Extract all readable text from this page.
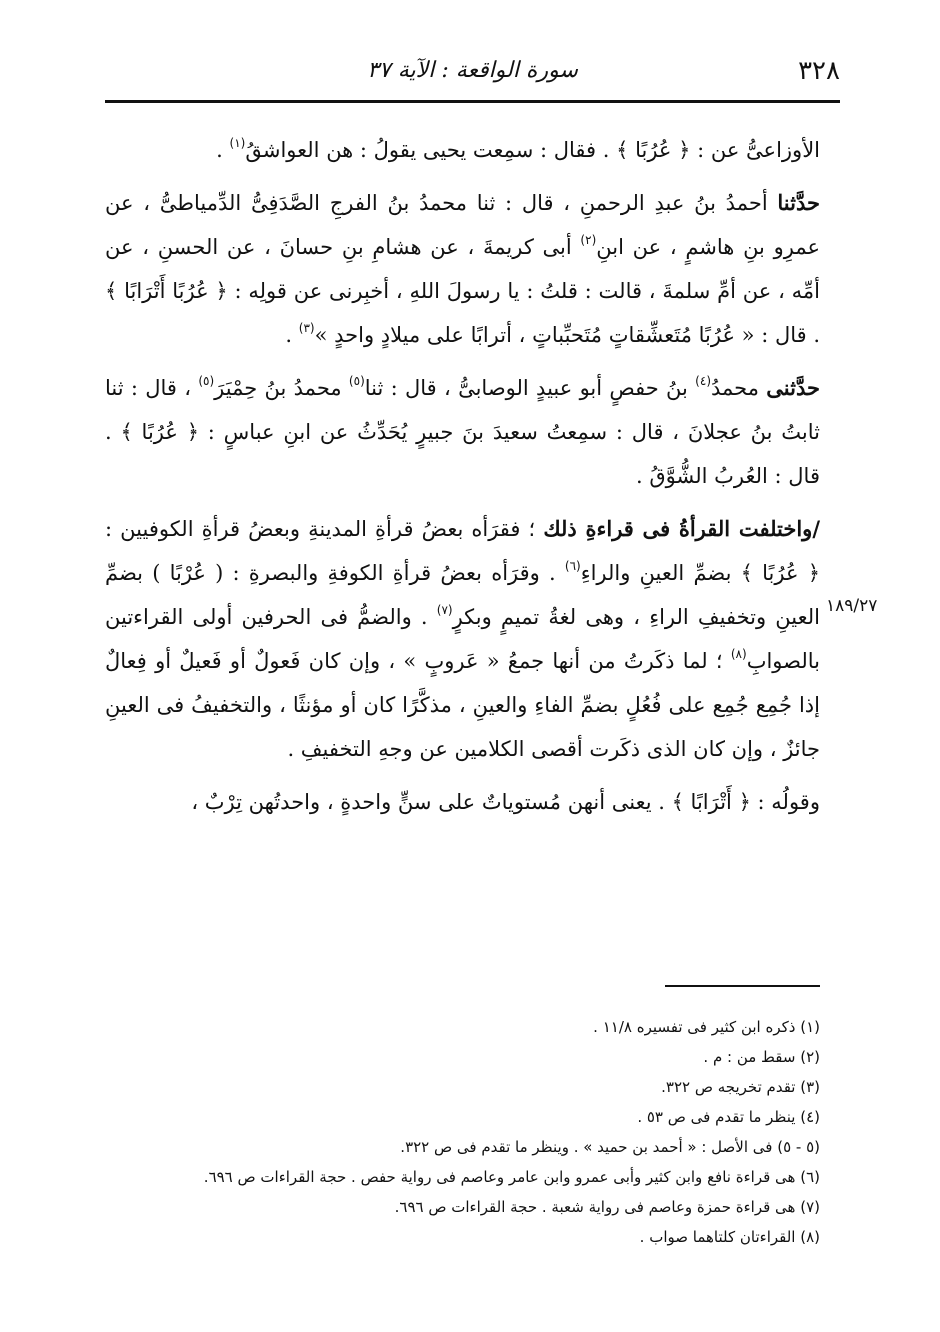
٣٢٨
سورة الواقعة : الآية ٣٧
١٨٩/٢٧

الأوزاعىُّ عن : ﴿ عُرُبًا ﴾ . فقال : سمِعت يحيى يقولُ : هن العواشقُ$^{(١)}$ .

حدَّثنا أحمدُ بنُ عبدِ الرحمنِ ، قال : ثنا محمدُ بنُ الفرجِ الصَّدَفِىُّ الدِّمياطىُّ ، عن عمرِو بنِ هاشمٍ ، عن ابنِ$^{(٢)}$ أبى كريمةَ ، عن هشامِ بنِ حسانَ ، عن الحسنِ ، عن أمِّه ، عن أمِّ سلمةَ ، قالت : قلتُ : يا رسولَ اللهِ ، أخبِرنى عن قولِه : ﴿ عُرُبًا أَتْرَابًا ﴾ . قال : « عُرُبًا مُتَعشِّقاتٍ مُتَحبِّباتٍ ، أترابًا على ميلادٍ واحدٍ »$^{(٣)}$ .

حدَّثنى محمدُ$^{(٤)}$ بنُ حفصٍ أبو عبيدٍ الوصابىُّ ، قال : ثنا$^{(٥)}$ محمدُ بنُ حِمْيَرَ$^{(٥)}$ ، قال : ثنا ثابتُ بنُ عجلانَ ، قال : سمِعتُ سعيدَ بنَ جبيرٍ يُحَدِّثُ عن ابنِ عباسٍ : ﴿ عُرُبًا ﴾ . قال : العُربُ الشُّوَّقُ .

/واختلفت القرأةُ فى قراءةِ ذلك ؛ فقرَأه بعضُ قرأةِ المدينةِ وبعضُ قرأةِ الكوفيين : ﴿ عُرُبًا ﴾ بضمِّ العينِ والراءِ$^{(٦)}$ . وقرَأه بعضُ قرأةِ الكوفةِ والبصرةِ : ( عُرْبًا ) بضمِّ العينِ وتخفيفِ الراءِ ، وهى لغةُ تميمٍ وبكرٍ$^{(٧)}$ . والضمُّ فى الحرفين أولى القراءتين بالصوابِ$^{(٨)}$ ؛ لما ذكَرتُ من أنها جمعُ « عَروبٍ » ، وإن كان فَعولٌ أو فَعيلٌ أو فِعالٌ إذا جُمِع جُمِع على فُعُلٍ بضمِّ الفاءِ والعينِ ، مذكَّرًا كان أو مؤنثًا ، والتخفيفُ فى العينِ جائزٌ ، وإن كان الذى ذكَرت أقصى الكلامين عن وجهِ التخفيفِ .

وقولُه : ﴿ أَتْرَابًا ﴾ . يعنى أنهن مُستوياتٌ على سنٍّ واحدةٍ ، واحدتُهن تِرْبٌ ،

(١) ذكره ابن كثير فى تفسيره ١١/٨ .
(٢) سقط من : م .
(٣) تقدم تخريجه ص ٣٢٢.
(٤) ينظر ما تقدم فى ص ٥٣ .
(٥ - ٥) فى الأصل : « أحمد بن حميد » . وينظر ما تقدم فى ص ٣٢٢.
(٦) هى قراءة نافع وابن كثير وأبى عمرو وابن عامر وعاصم فى رواية حفص . حجة القراءات ص ٦٩٦.
(٧) هى قراءة حمزة وعاصم فى رواية شعبة . حجة القراءات ص ٦٩٦.
(٨) القراءتان كلتاهما صواب .
